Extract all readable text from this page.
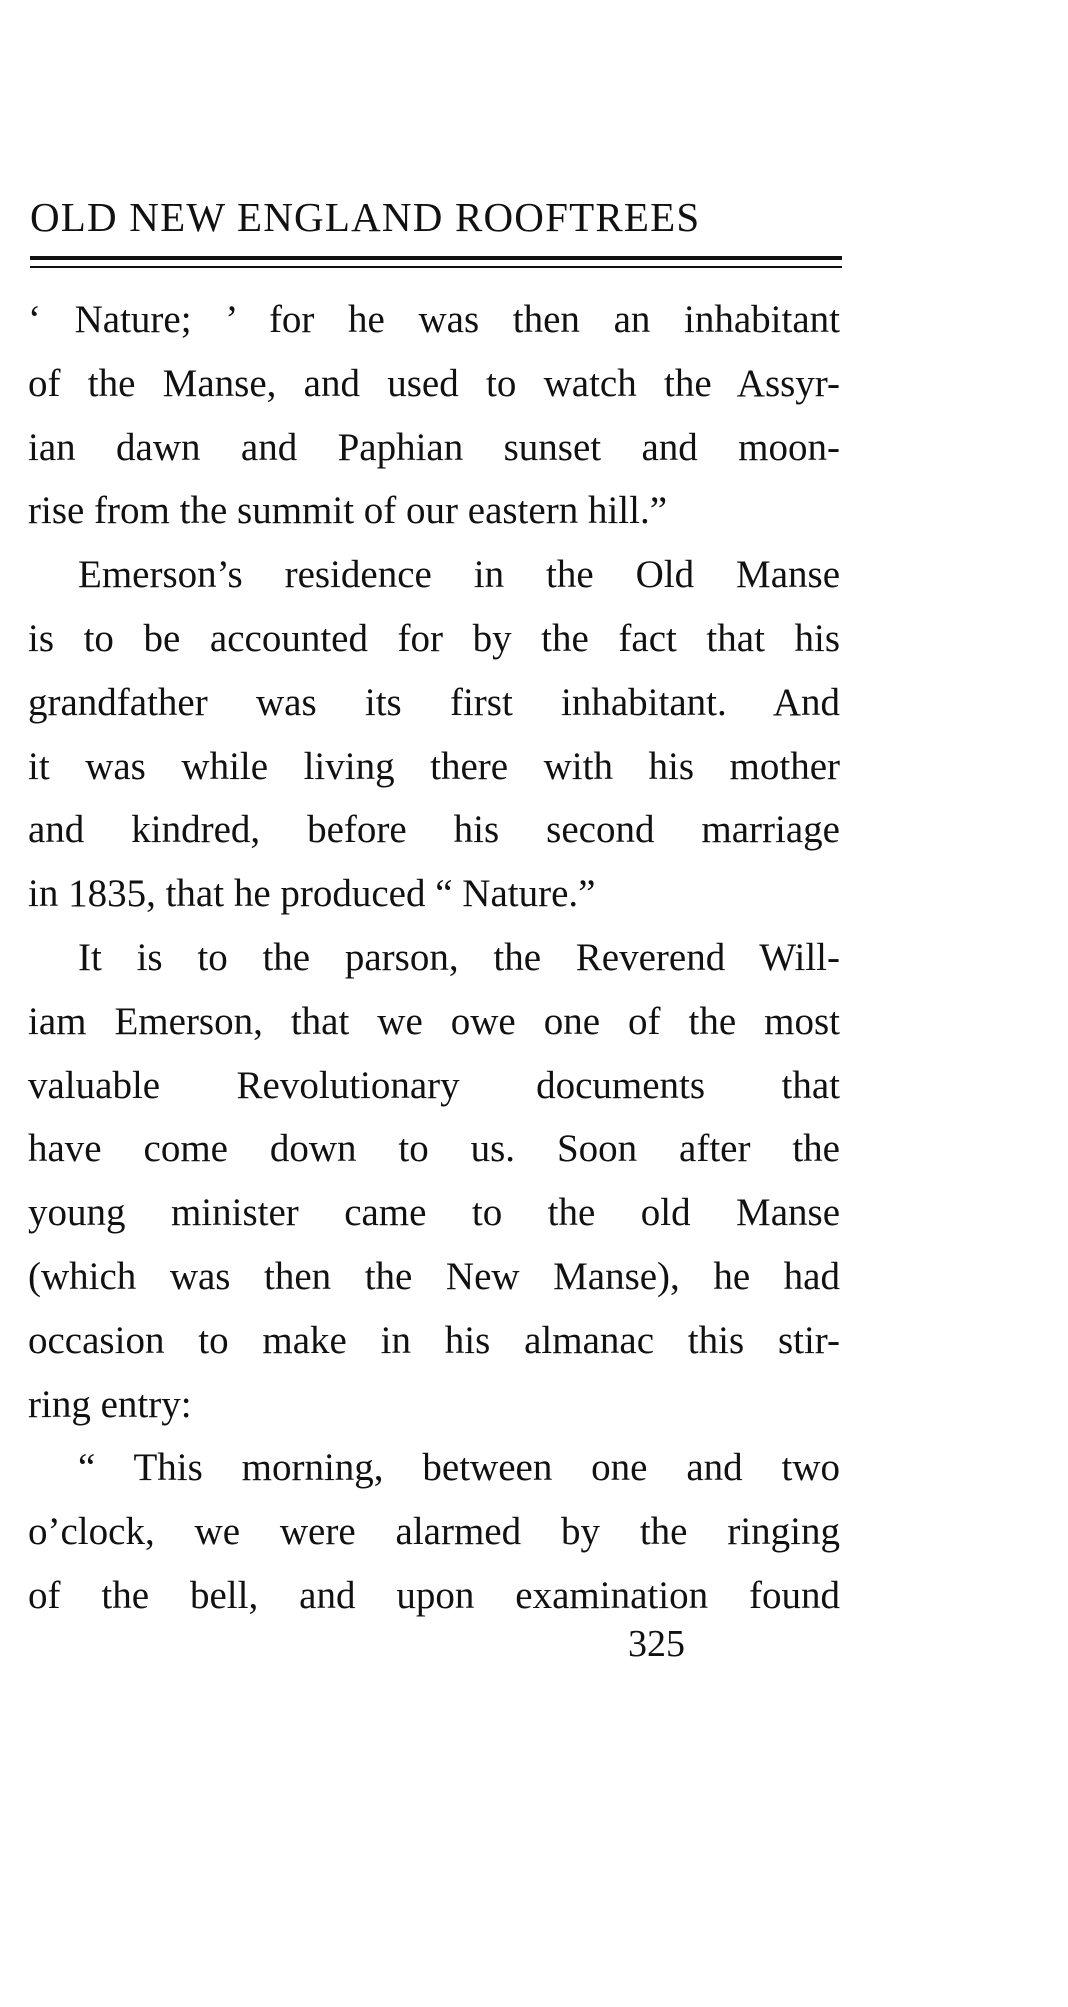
OLD NEW ENGLAND ROOFTREES

‘ Nature; ’ for he was then an inhabitant
of the Manse, and used to watch the Assyr-
ian dawn and Paphian sunset and moon-
rise from the summit of our eastern hill.”

Emerson’s residence in the Old Manse
is to be accounted for by the fact that his
grandfather was its first inhabitant. And
it was while living there with his mother
and kindred, before his second marriage
in 1835, that he produced “ Nature.”

It is to the parson, the Reverend Will-
iam Emerson, that we owe one of the most
valuable Revolutionary documents that
have come down to us. Soon after the
young minister came to the old Manse
(which was then the New Manse), he had
occasion to make in his almanac this stir-
ring entry:

“ This morning, between one and two
o’clock, we were alarmed by the ringing
of the bell, and upon examination found

325
